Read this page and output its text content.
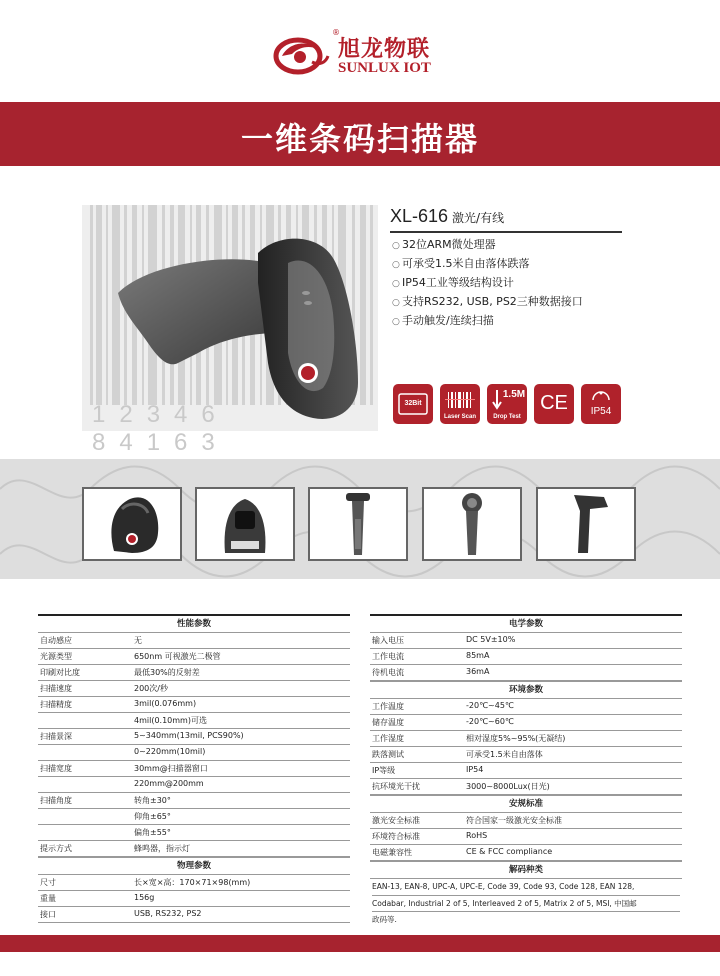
®
旭龙物联
SUNLUX IOT
一维条码扫描器
12346 84163
XL-616 激光/有线
○ 32位ARM微处理器
○ 可承受1.5米自由落体跌落
○ IP54工业等级结构设计
○ 支持RS232, USB, PS2三种数据接口
○ 手动触发/连续扫描
32Bit
Laser Scan
1.5M
Drop Test
CE	IP54
性能参数
自动感应	无
光源类型	650nm 可视激光二极管
印刷对比度	最低30%的反射差
扫描速度	200次/秒
扫描精度	3mil(0.076mm)
4mil(0.10mm)可选
扫描景深	5~340mm(13mil, PCS90%)
0~220mm(10mil)
扫描宽度	30mm@扫描器窗口
220mm@200mm
扫描角度	转角±30°
仰角±65°
偏角±55°
提示方式	蜂鸣器，指示灯
物理参数
尺寸	长×宽×高：170×71×98(mm)
重量	156g
接口	USB, RS232, PS2
电学参数
输入电压	DC 5V±10%
工作电流	85mA
待机电流	36mA
环境参数
工作温度	-20℃~45℃
储存温度	-20℃~60℃
工作湿度	相对湿度5%~95%(无凝结)
跌落测试	可承受1.5米自由落体
IP等级	IP54
抗环境光干扰	3000~8000Lux(日光)
安规标准
激光安全标准	符合国家一级激光安全标准
环境符合标准	RoHS
电磁兼容性	CE & FCC compliance
解码种类
EAN-13, EAN-8, UPC-A, UPC-E, Code 39, Code 93, Code 128, EAN 128,
Codabar, Industrial 2 of 5, Interleaved 2 of 5, Matrix 2 of 5, MSI, 中国邮
政码等.
